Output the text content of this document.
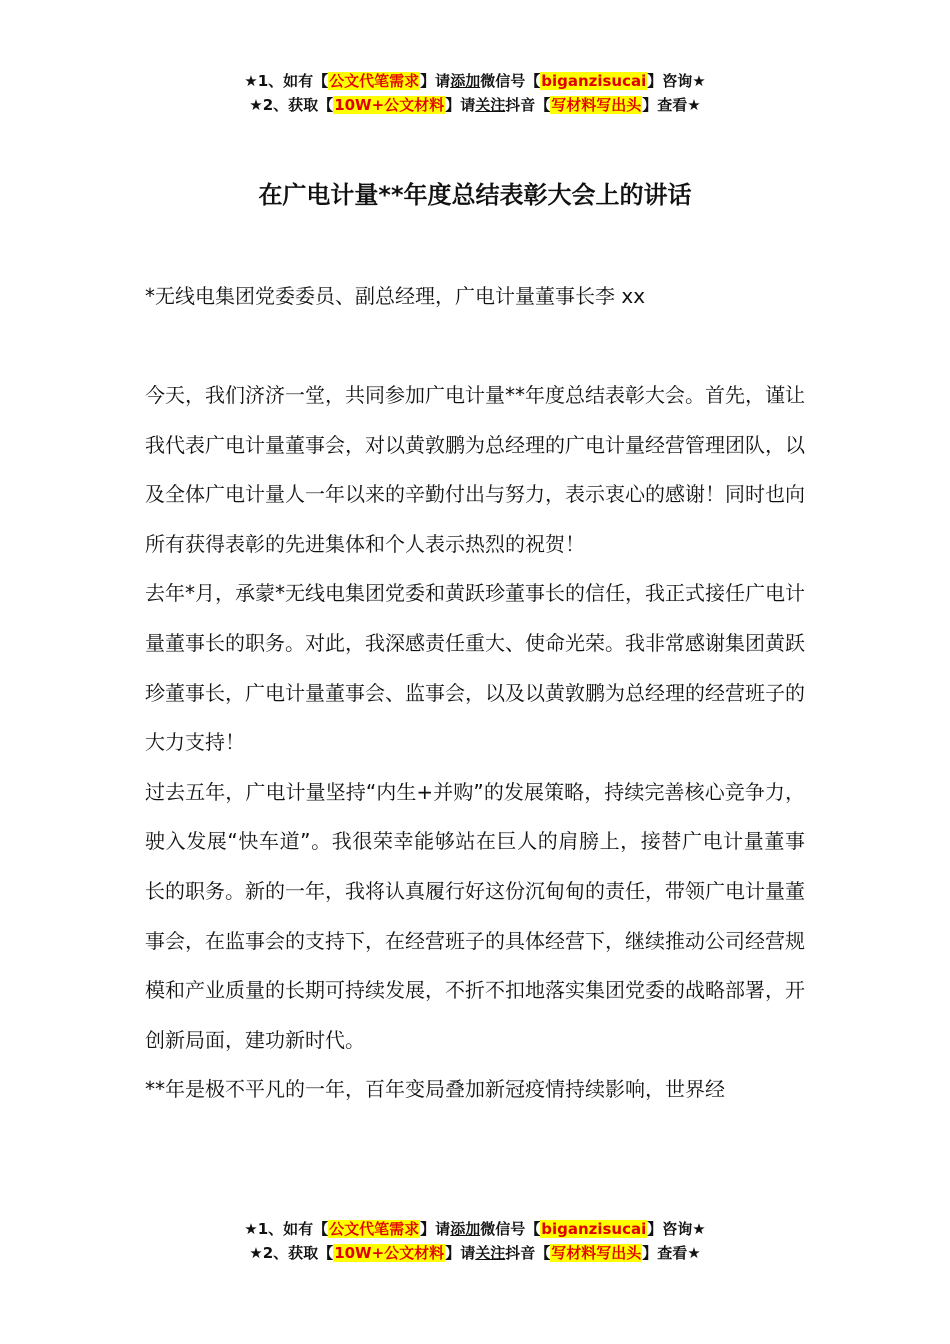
★1、如有【公文代笔需求】请添加微信号【biganzisucai】咨询★
★2、获取【10W+公文材料】请关注抖音【写材料写出头】查看★
在广电计量**年度总结表彰大会上的讲话
*无线电集团党委委员、副总经理，广电计量董事长李 xx

今天，我们济济一堂，共同参加广电计量**年度总结表彰大会。首先，谨让我代表广电计量董事会，对以黄敦鹏为总经理的广电计量经营管理团队，以及全体广电计量人一年以来的辛勤付出与努力，表示衷心的感谢！同时也向所有获得表彰的先进集体和个人表示热烈的祝贺！

去年*月，承蒙*无线电集团党委和黄跃珍董事长的信任，我正式接任广电计量董事长的职务。对此，我深感责任重大、使命光荣。我非常感谢集团黄跃珍董事长，广电计量董事会、监事会，以及以黄敦鹏为总经理的经营班子的大力支持！

过去五年，广电计量坚持“内生+并购”的发展策略，持续完善核心竞争力，驶入发展“快车道”。我很荣幸能够站在巨人的肩膀上，接替广电计量董事长的职务。新的一年，我将认真履行好这份沉甸甸的责任，带领广电计量董事会，在监事会的支持下，在经营班子的具体经营下，继续推动公司经营规模和产业质量的长期可持续发展，不折不扣地落实集团党委的战略部署，开创新局面，建功新时代。

**年是极不平凡的一年，百年变局叠加新冠疫情持续影响，世界经

★1、如有【公文代笔需求】请添加微信号【biganzisucai】咨询★
★2、获取【10W+公文材料】请关注抖音【写材料写出头】查看★
